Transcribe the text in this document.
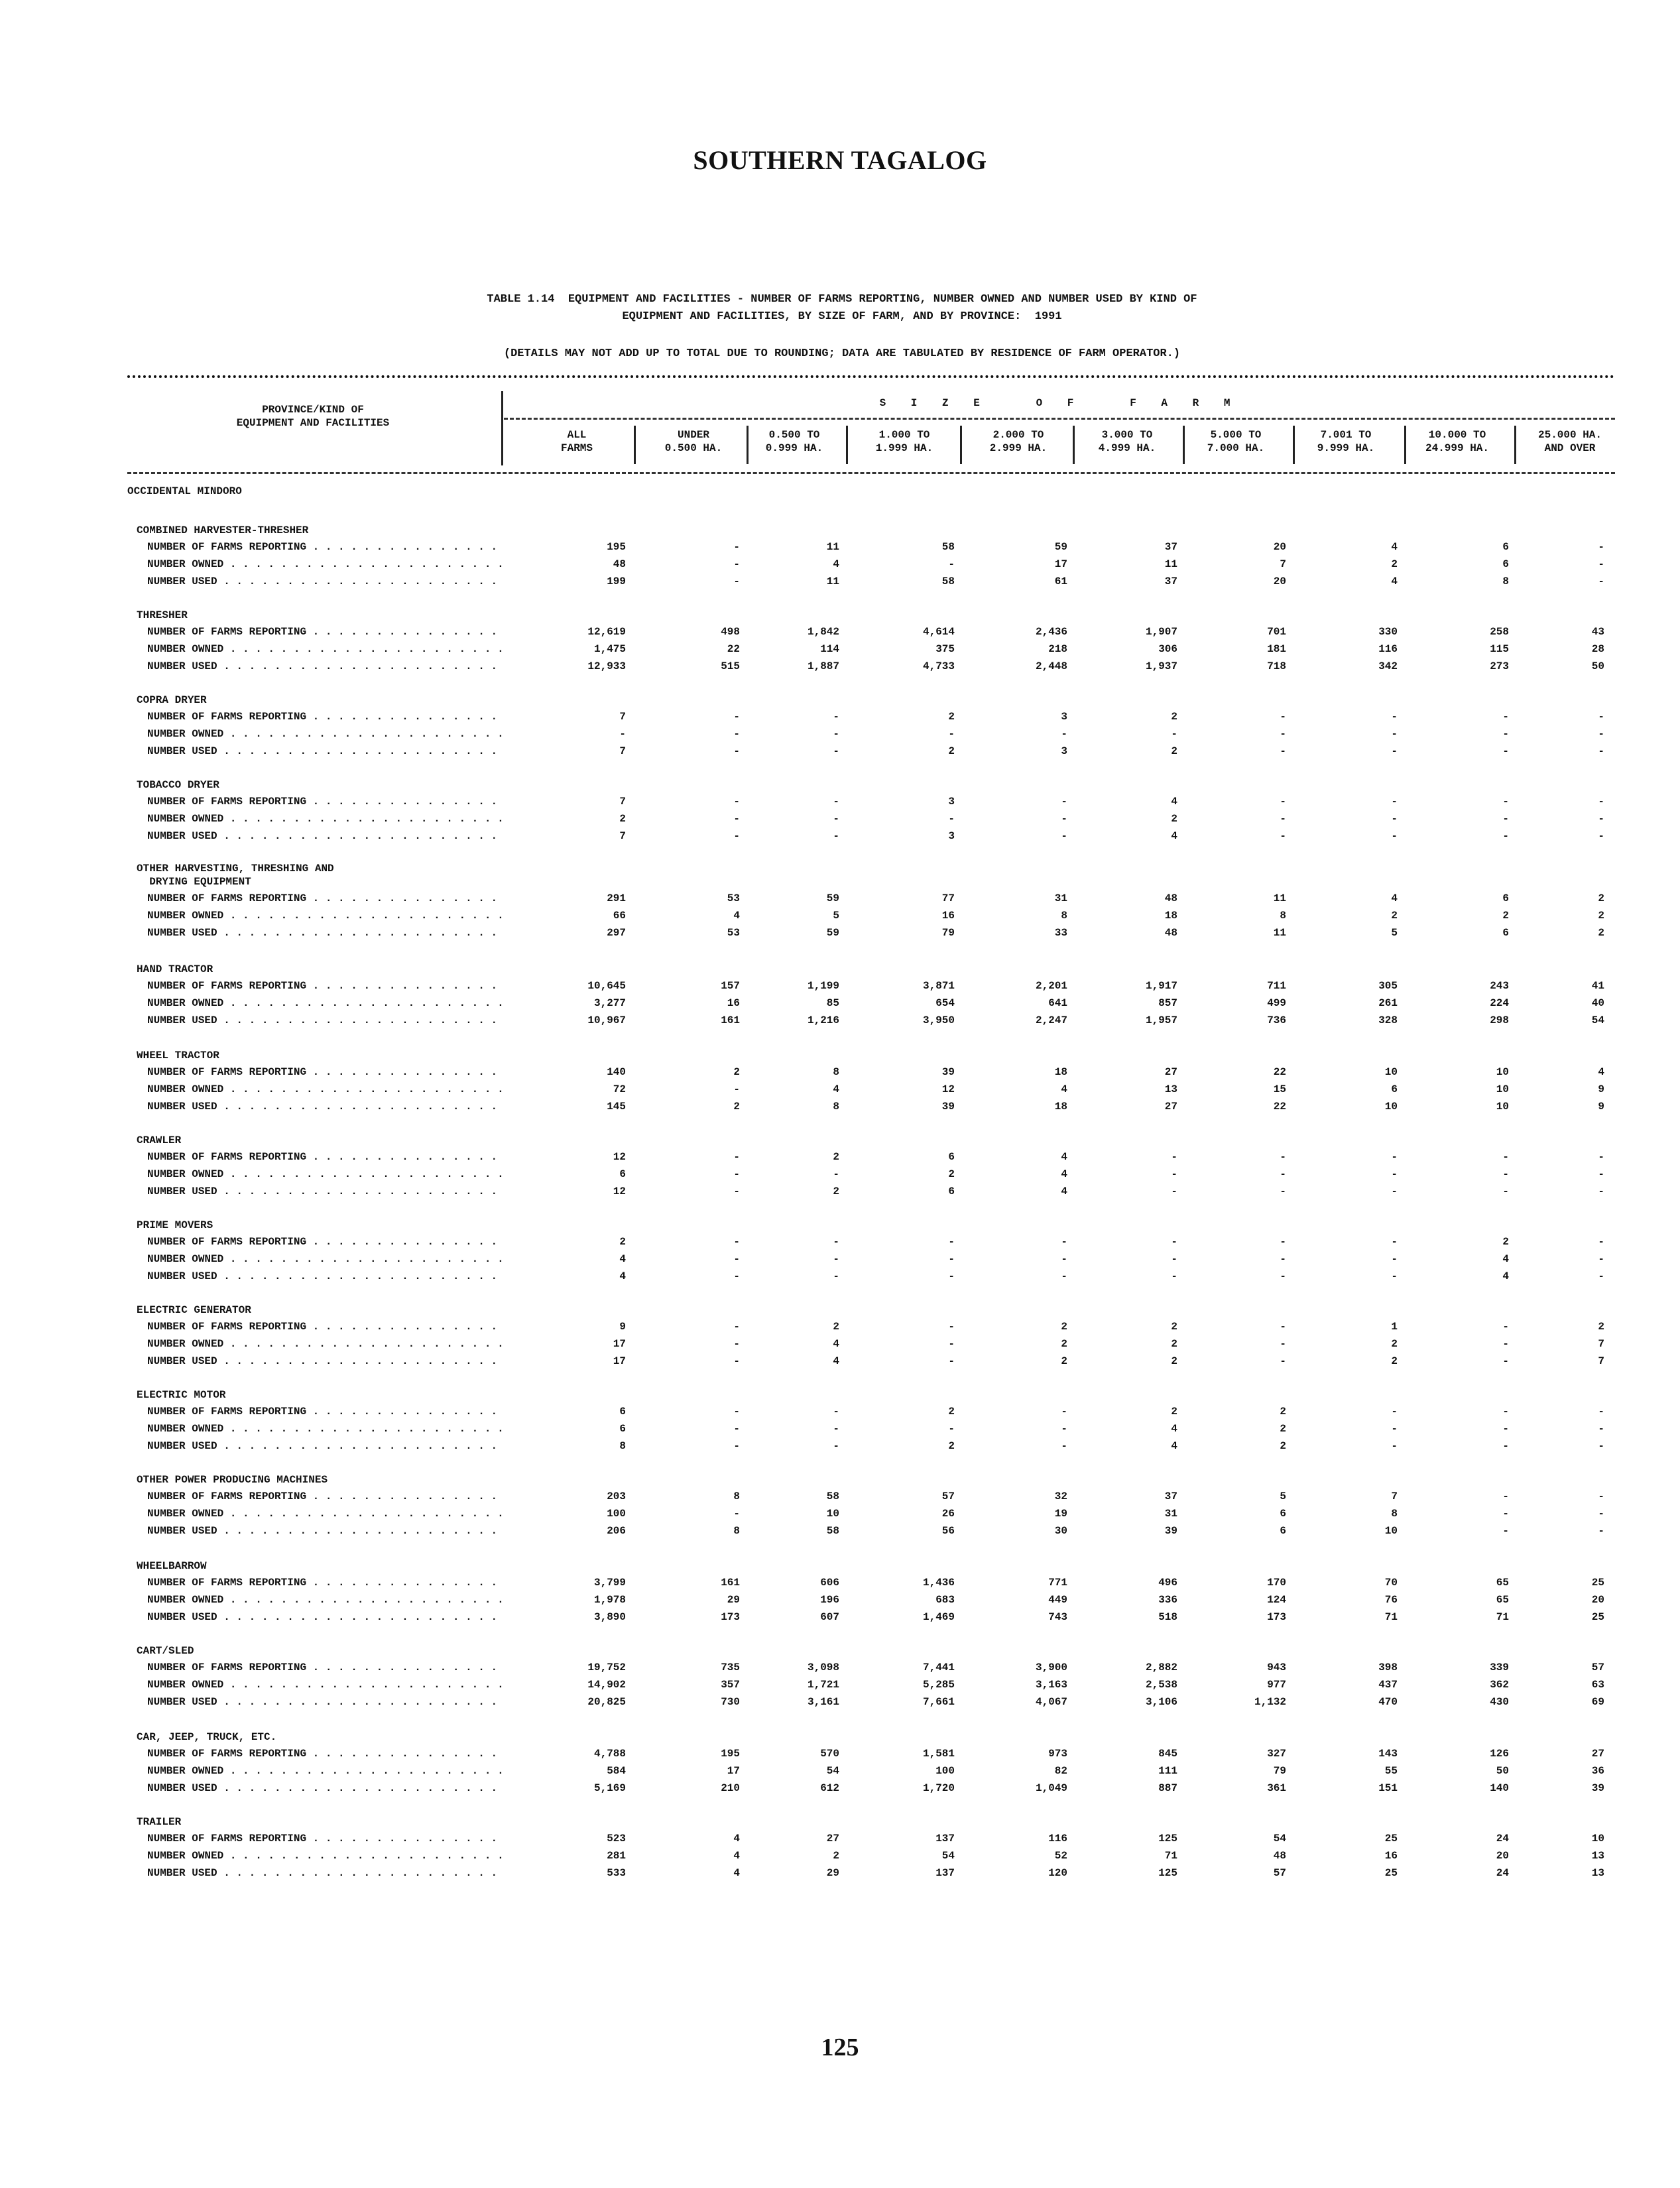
SOUTHERN TAGALOG
TABLE 1.14  EQUIPMENT AND FACILITIES - NUMBER OF FARMS REPORTING, NUMBER OWNED AND NUMBER USED BY KIND OF
EQUIPMENT AND FACILITIES, BY SIZE OF FARM, AND BY PROVINCE:  1991
(DETAILS MAY NOT ADD UP TO TOTAL DUE TO ROUNDING; DATA ARE TABULATED BY RESIDENCE OF FARM OPERATOR.)
PROVINCE/KIND OF
EQUIPMENT AND FACILITIES
S I Z E   O F   F A R M
ALL
FARMS
UNDER
0.500 HA.
0.500 TO
0.999 HA.
1.000 TO
1.999 HA.
2.000 TO
2.999 HA.
3.000 TO
4.999 HA.
5.000 TO
7.000 HA.
7.001 TO
9.999 HA.
10.000 TO
24.999 HA.
25.000 HA.
AND OVER
OCCIDENTAL MINDORO
COMBINED HARVESTER-THRESHER
NUMBER OF FARMS REPORTING . . .	195	-	11	58	59	37	20	4	6	-
NUMBER OWNED . . .	48	-	4	-	17	11	7	2	6	-
NUMBER USED . . .	199	-	11	58	61	37	20	4	8	-
THRESHER
NUMBER OF FARMS REPORTING . . .	12,619	498	1,842	4,614	2,436	1,907	701	330	258	43
NUMBER OWNED . . .	1,475	22	114	375	218	306	181	116	115	28
NUMBER USED . . .	12,933	515	1,887	4,733	2,448	1,937	718	342	273	50
COPRA DRYER
NUMBER OF FARMS REPORTING . . .	7	-	-	2	3	2	-	-	-	-
NUMBER OWNED . . .	-	-	-	-	-	-	-	-	-	-
NUMBER USED . . .	7	-	-	2	3	2	-	-	-	-
TOBACCO DRYER
NUMBER OF FARMS REPORTING . . .	7	-	-	3	-	4	-	-	-	-
NUMBER OWNED . . .	2	-	-	-	-	2	-	-	-	-
NUMBER USED . . .	7	-	-	3	-	4	-	-	-	-
OTHER HARVESTING, THRESHING AND
DRYING EQUIPMENT
NUMBER OF FARMS REPORTING . . .	291	53	59	77	31	48	11	4	6	2
NUMBER OWNED . . .	66	4	5	16	8	18	8	2	2	2
NUMBER USED . . .	297	53	59	79	33	48	11	5	6	2
HAND TRACTOR
NUMBER OF FARMS REPORTING . . .	10,645	157	1,199	3,871	2,201	1,917	711	305	243	41
NUMBER OWNED . . .	3,277	16	85	654	641	857	499	261	224	40
NUMBER USED . . .	10,967	161	1,216	3,950	2,247	1,957	736	328	298	54
WHEEL TRACTOR
NUMBER OF FARMS REPORTING . . .	140	2	8	39	18	27	22	10	10	4
NUMBER OWNED . . .	72	-	4	12	4	13	15	6	10	9
NUMBER USED . . .	145	2	8	39	18	27	22	10	10	9
CRAWLER
NUMBER OF FARMS REPORTING . . .	12	-	2	6	4	-	-	-	-	-
NUMBER OWNED . . .	6	-	-	2	4	-	-	-	-	-
NUMBER USED . . .	12	-	2	6	4	-	-	-	-	-
PRIME MOVERS
NUMBER OF FARMS REPORTING . . .	2	-	-	-	-	-	-	-	2	-
NUMBER OWNED . . .	4	-	-	-	-	-	-	-	4	-
NUMBER USED . . .	4	-	-	-	-	-	-	-	4	-
ELECTRIC GENERATOR
NUMBER OF FARMS REPORTING . . .	9	-	2	-	2	2	-	1	-	2
NUMBER OWNED . . .	17	-	4	-	2	2	-	2	-	7
NUMBER USED . . .	17	-	4	-	2	2	-	2	-	7
ELECTRIC MOTOR
NUMBER OF FARMS REPORTING . . .	6	-	-	2	-	2	2	-	-	-
NUMBER OWNED . . .	6	-	-	-	-	4	2	-	-	-
NUMBER USED . . .	8	-	-	2	-	4	2	-	-	-
OTHER POWER PRODUCING MACHINES
NUMBER OF FARMS REPORTING . . .	203	8	58	57	32	37	5	7	-	-
NUMBER OWNED . . .	100	-	10	26	19	31	6	8	-	-
NUMBER USED . . .	206	8	58	56	30	39	6	10	-	-
WHEELBARROW
NUMBER OF FARMS REPORTING . . .	3,799	161	606	1,436	771	496	170	70	65	25
NUMBER OWNED . . .	1,978	29	196	683	449	336	124	76	65	20
NUMBER USED . . .	3,890	173	607	1,469	743	518	173	71	71	25
CART/SLED
NUMBER OF FARMS REPORTING . . .	19,752	735	3,098	7,441	3,900	2,882	943	398	339	57
NUMBER OWNED . . .	14,902	357	1,721	5,285	3,163	2,538	977	437	362	63
NUMBER USED . . .	20,825	730	3,161	7,661	4,067	3,106	1,132	470	430	69
CAR, JEEP, TRUCK, ETC.
NUMBER OF FARMS REPORTING . . .	4,788	195	570	1,581	973	845	327	143	126	27
NUMBER OWNED . . .	584	17	54	100	82	111	79	55	50	36
NUMBER USED . . .	5,169	210	612	1,720	1,049	887	361	151	140	39
TRAILER
NUMBER OF FARMS REPORTING . . .	523	4	27	137	116	125	54	25	24	10
NUMBER OWNED . . .	281	4	2	54	52	71	48	16	20	13
NUMBER USED . . .	533	4	29	137	120	125	57	25	24	13
125
